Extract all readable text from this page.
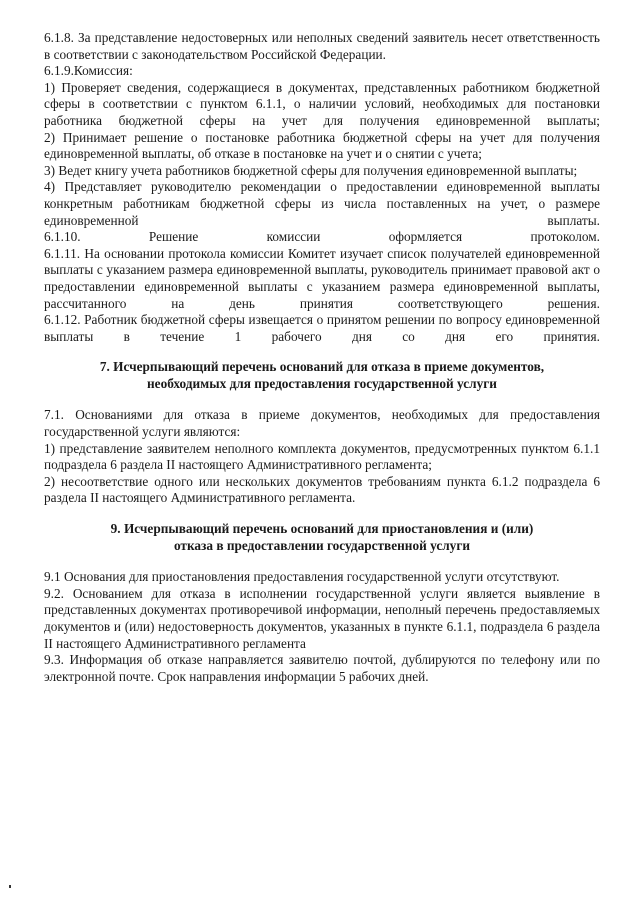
6.1.8. За представление недостоверных или неполных сведений заявитель несет ответственность в соответствии с законодательством Российской Федерации.

6.1.9.Комиссия:

1) Проверяет сведения, содержащиеся в документах, представленных работником бюджетной сферы в соответствии с пунктом 6.1.1, о наличии условий, необходимых для постановки работника бюджетной сферы на учет для получения единовременной выплаты;

2) Принимает решение о постановке работника бюджетной сферы на учет для получения единовременной выплаты, об отказе в постановке на учет и о снятии с учета;

3) Ведет книгу учета работников бюджетной сферы для получения единовременной выплаты;

4) Представляет руководителю рекомендации о предоставлении единовременной выплаты конкретным работникам бюджетной сферы из числа поставленных на учет, о размере единовременной выплаты.

6.1.10. Решение комиссии оформляется протоколом.

6.1.11. На основании протокола комиссии Комитет изучает список получателей единовременной выплаты с указанием размера единовременной выплаты, руководитель принимает правовой акт о предоставлении единовременной выплаты с указанием размера единовременной выплаты, рассчитанного на день принятия соответствующего решения.

6.1.12. Работник бюджетной сферы извещается о принятом решении по вопросу единовременной выплаты в течение 1 рабочего дня со дня его принятия.

7. Исчерпывающий перечень оснований для отказа в приеме документов,
необходимых для предоставления государственной услуги

7.1. Основаниями для отказа в приеме документов, необходимых для предоставления государственной услуги являются:

1) представление заявителем неполного комплекта документов, предусмотренных пунктом 6.1.1 подраздела 6 раздела II настоящего Административного регламента;

2) несоответствие одного или нескольких документов требованиям пункта 6.1.2 подраздела 6 раздела II настоящего Административного регламента.

9. Исчерпывающий перечень оснований для приостановления и (или)
отказа в предоставлении государственной услуги

9.1 Основания для приостановления предоставления государственной услуги отсутствуют.

9.2. Основанием для отказа в исполнении государственной услуги является выявление в представленных документах противоречивой информации, неполный перечень предоставляемых документов и (или) недостоверность документов, указанных в пункте 6.1.1, подраздела 6 раздела II настоящего Административного регламента

9.3. Информация об отказе направляется заявителю почтой, дублируются по телефону или по электронной почте. Срок направления информации 5 рабочих дней.
